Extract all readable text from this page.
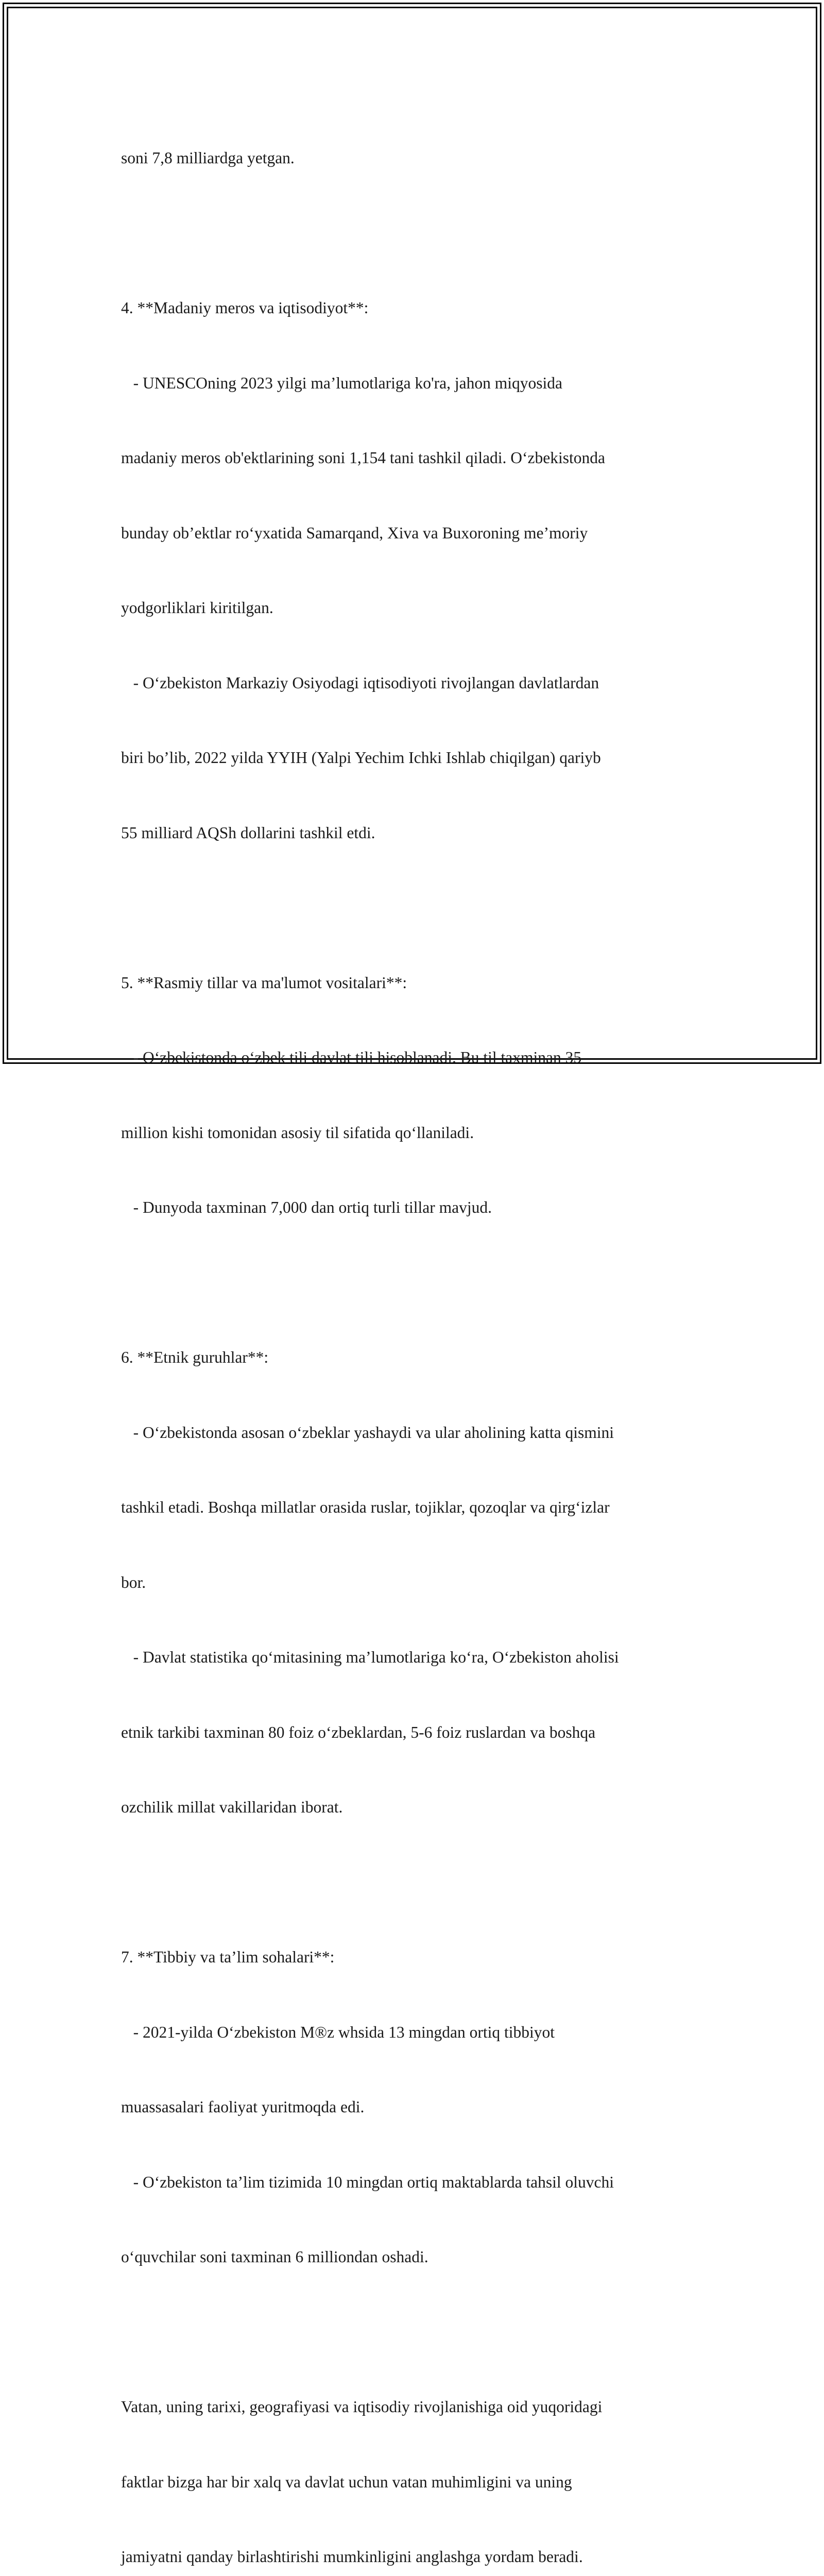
soni 7,8 milliardga yetgan.

4. **Madaniy meros va iqtisodiyot**:

- UNESCOning 2023 yilgi ma’lumotlariga ko'ra, jahon miqyosida

madaniy meros ob'ektlarining soni 1,154 tani tashkil qiladi. O‘zbekistonda

bunday ob’ektlar ro‘yxatida Samarqand, Xiva va Buxoroning me’moriy

yodgorliklari kiritilgan.

- O‘zbekiston Markaziy Osiyodagi iqtisodiyoti rivojlangan davlatlardan

biri bo’lib, 2022 yilda YYIH (Yalpi Yechim Ichki Ishlab chiqilgan) qariyb

55 milliard AQSh dollarini tashkil etdi.

5. **Rasmiy tillar va ma'lumot vositalari**:

- O‘zbekistonda o‘zbek tili davlat tili hisoblanadi. Bu til taxminan 35

million kishi tomonidan asosiy til sifatida qo‘llaniladi.

- Dunyoda taxminan 7,000 dan ortiq turli tillar mavjud.

6. **Etnik guruhlar**:

- O‘zbekistonda asosan o‘zbeklar yashaydi va ular aholining katta qismini

tashkil etadi. Boshqa millatlar orasida ruslar, tojiklar, qozoqlar va qirg‘izlar

bor.

- Davlat statistika qo‘mitasining ma’lumotlariga ko‘ra, O‘zbekiston aholisi

etnik tarkibi taxminan 80 foiz o‘zbeklardan, 5-6 foiz ruslardan va boshqa

ozchilik millat vakillaridan iborat.

7. **Tibbiy va ta’lim sohalari**:

- 2021-yilda O‘zbekiston M®z whsida 13 mingdan ortiq tibbiyot

muassasalari faoliyat yuritmoqda edi.

- O‘zbekiston ta’lim tizimida 10 mingdan ortiq maktablarda tahsil oluvchi

o‘quvchilar soni taxminan 6 milliondan oshadi.

Vatan, uning tarixi, geografiyasi va iqtisodiy rivojlanishiga oid yuqoridagi

faktlar bizga har bir xalq va davlat uchun vatan muhimligini va uning

jamiyatni qanday birlashtirishi mumkinligini anglashga yordam beradi.
